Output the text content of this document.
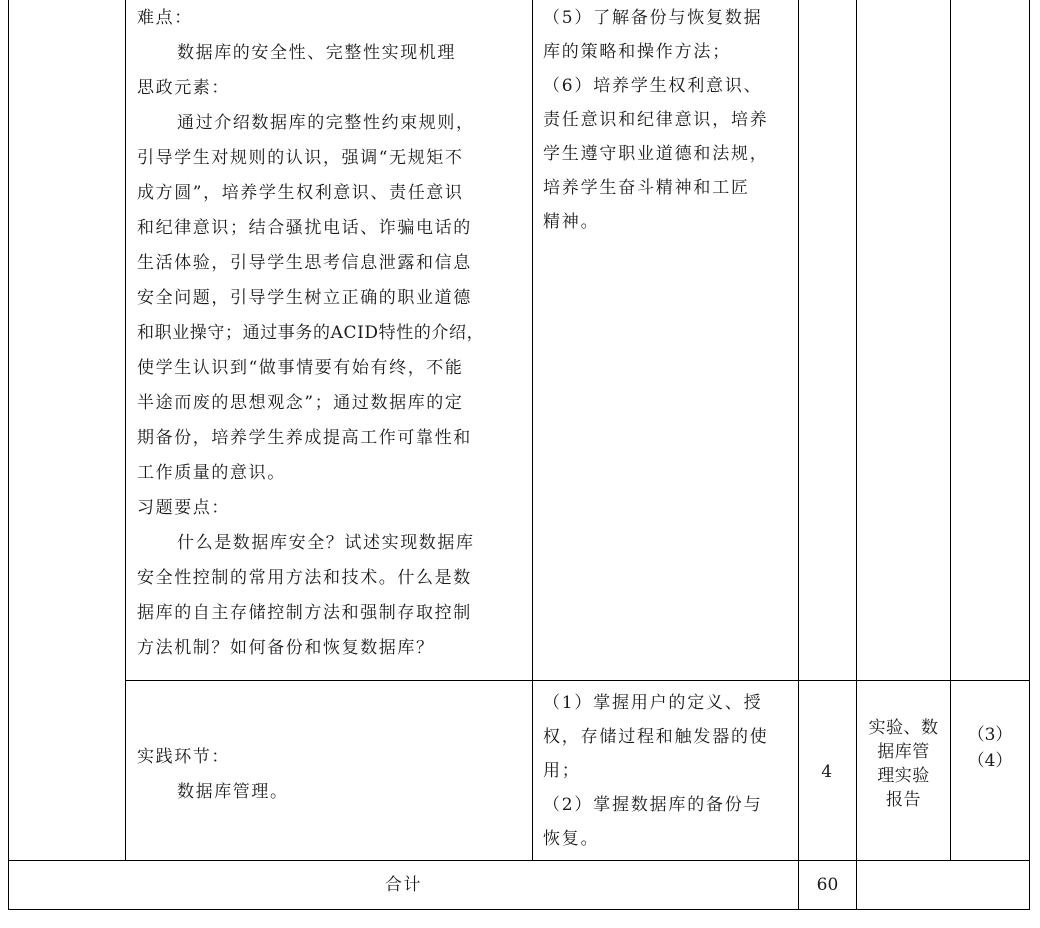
难点：
数据库的安全性、完整性实现机理
思政元素：
通过介绍数据库的完整性约束规则，
引导学生对规则的认识，强调“无规矩不
成方圆”，培养学生权利意识、责任意识
和纪律意识；结合骚扰电话、诈骗电话的
生活体验，引导学生思考信息泄露和信息
安全问题，引导学生树立正确的职业道德
和职业操守；通过事务的ACID特性的介绍，
使学生认识到“做事情要有始有终，不能
半途而废的思想观念”；通过数据库的定
期备份，培养学生养成提高工作可靠性和
工作质量的意识。
习题要点：
什么是数据库安全？试述实现数据库
安全性控制的常用方法和技术。什么是数
据库的自主存储控制方法和强制存取控制
方法机制？如何备份和恢复数据库？
（5）了解备份与恢复数据
库的策略和操作方法；
（6）培养学生权利意识、
责任意识和纪律意识，培养
学生遵守职业道德和法规，
培养学生奋斗精神和工匠
精神。
实践环节：
数据库管理。
（1）掌握用户的定义、授
权，存储过程和触发器的使
用；
（2）掌握数据库的备份与
恢复。
4
实验、数
据库管
理实验
报告
（3）
（4）
合计	60
